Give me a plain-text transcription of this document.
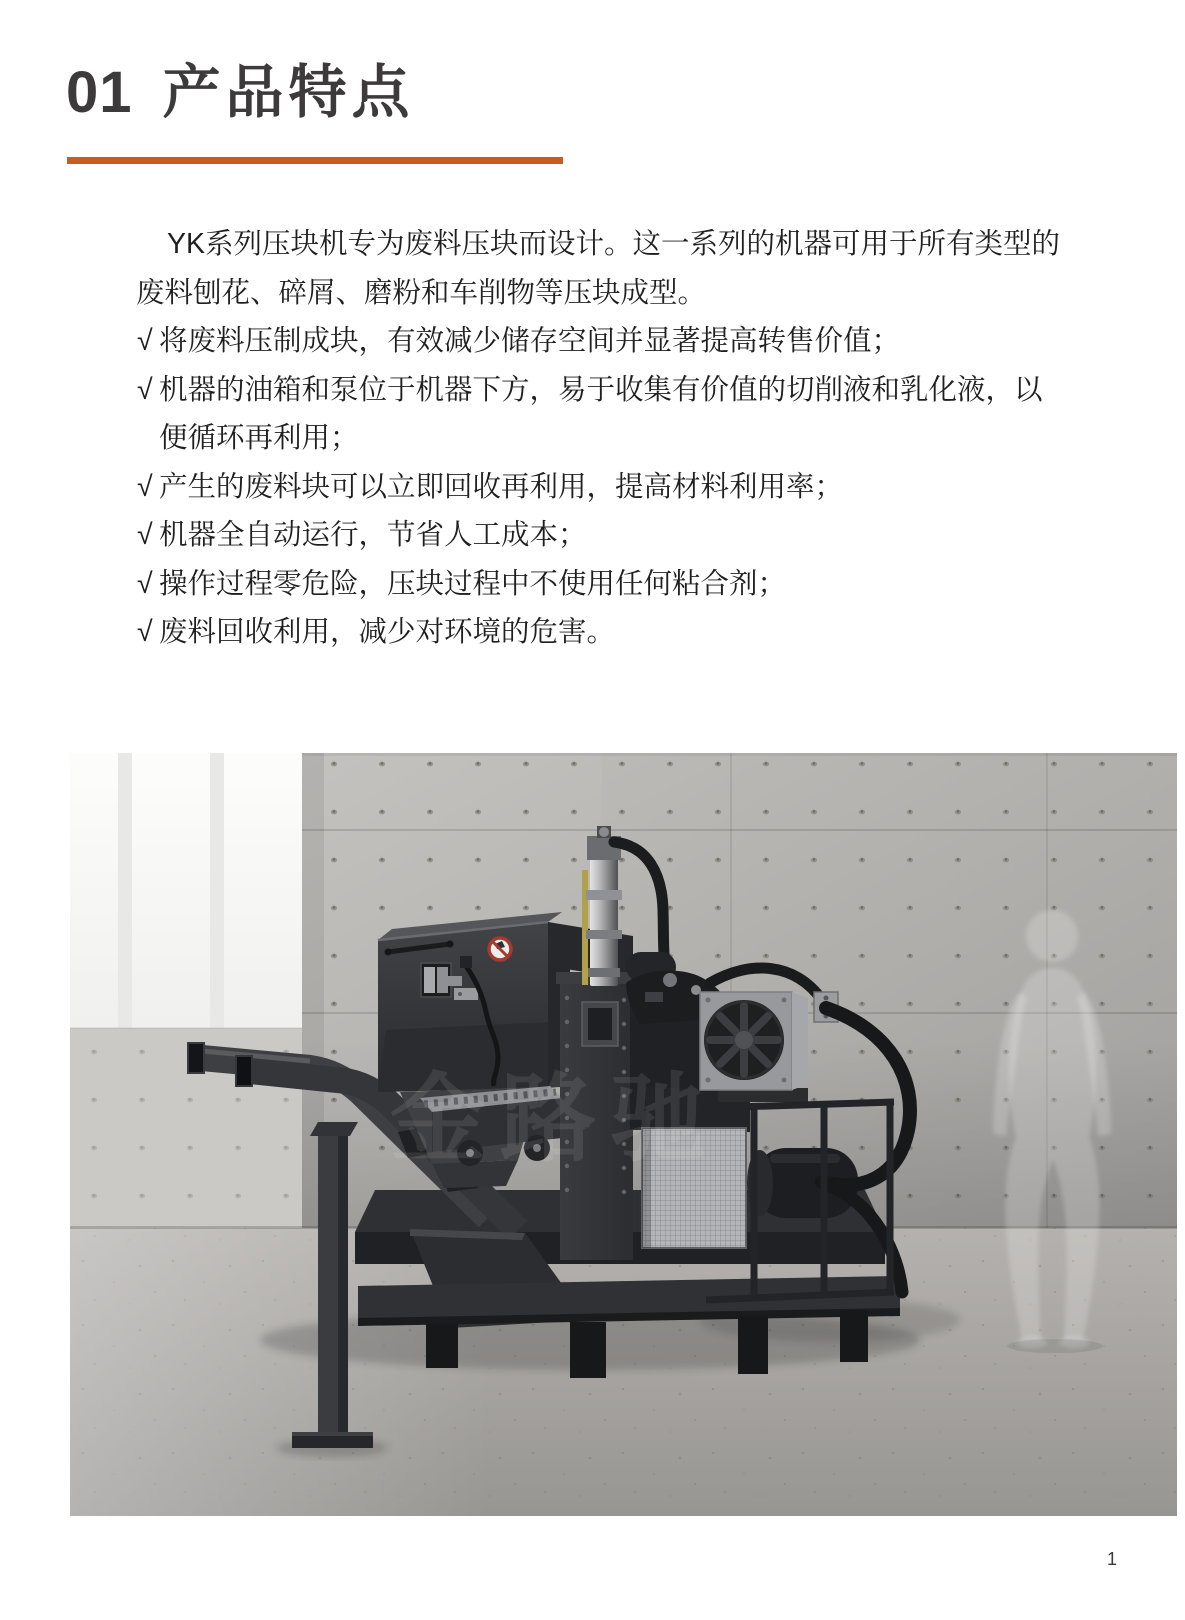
01 产品特点

YK系列压块机专为废料压块而设计。这一系列的机器可用于所有类型的
废料刨花、碎屑、磨粉和车削物等压块成型。

√ 将废料压制成块，有效减少储存空间并显著提高转售价值；
√ 机器的油箱和泵位于机器下方，易于收集有价值的切削液和乳化液，以
便循环再利用；
√ 产生的废料块可以立即回收再利用，提高材料利用率；
√ 机器全自动运行，节省人工成本；
√ 操作过程零危险，压块过程中不使用任何粘合剂；
√ 废料回收利用，减少对环境的危害。
金路驰
1
